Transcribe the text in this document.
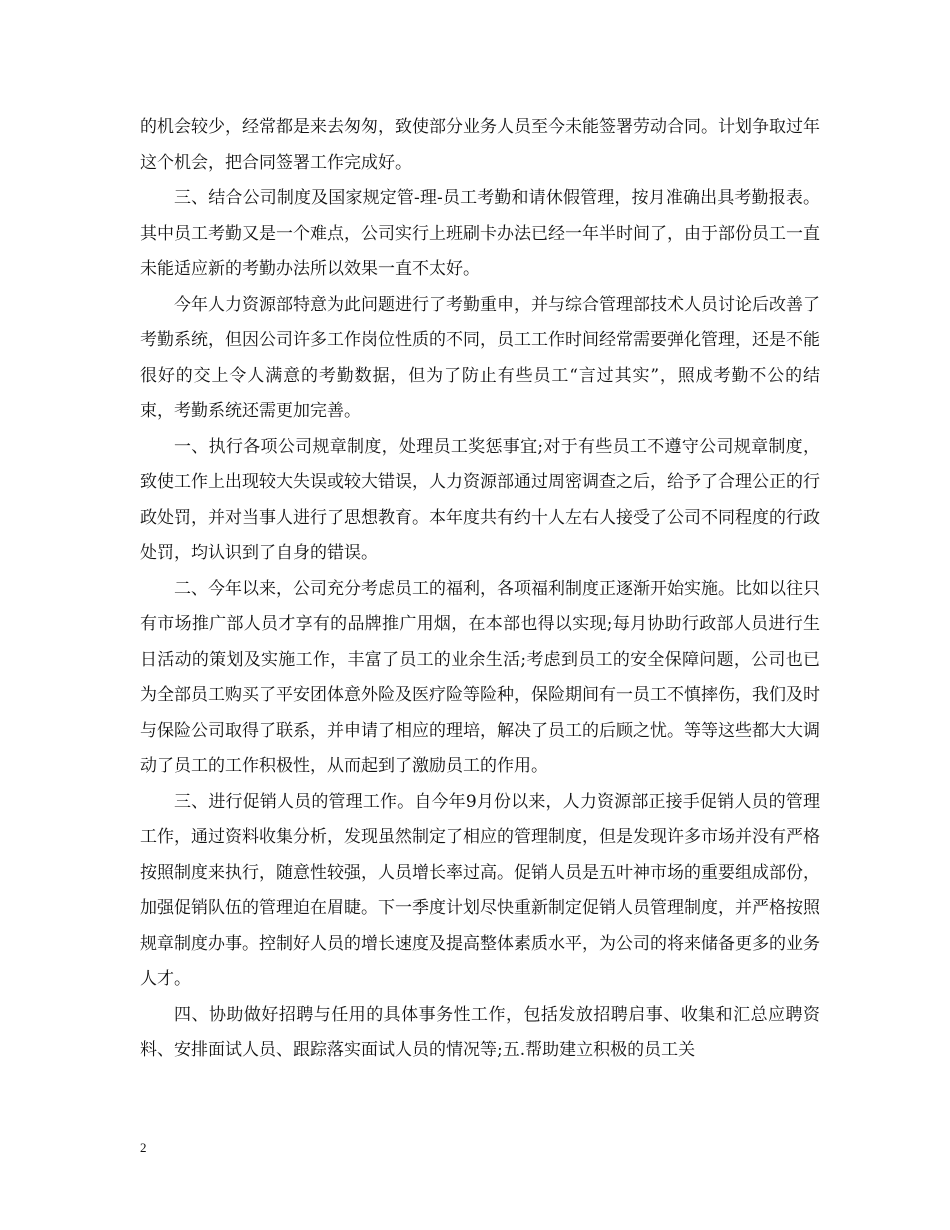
的机会较少，经常都是来去匆匆，致使部分业务人员至今未能签署劳动合同。计划争取过年这个机会，把合同签署工作完成好。

三、结合公司制度及国家规定管-理-员工考勤和请休假管理，按月准确出具考勤报表。其中员工考勤又是一个难点，公司实行上班刷卡办法已经一年半时间了，由于部份员工一直未能适应新的考勤办法所以效果一直不太好。

今年人力资源部特意为此问题进行了考勤重申，并与综合管理部技术人员讨论后改善了考勤系统，但因公司许多工作岗位性质的不同，员工工作时间经常需要弹化管理，还是不能很好的交上令人满意的考勤数据，但为了防止有些员工“言过其实”，照成考勤不公的结束，考勤系统还需更加完善。

一、执行各项公司规章制度，处理员工奖惩事宜;对于有些员工不遵守公司规章制度，致使工作上出现较大失误或较大错误，人力资源部通过周密调查之后，给予了合理公正的行政处罚，并对当事人进行了思想教育。本年度共有约十人左右人接受了公司不同程度的行政处罚，均认识到了自身的错误。

二、今年以来，公司充分考虑员工的福利，各项福利制度正逐渐开始实施。比如以往只有市场推广部人员才享有的品牌推广用烟，在本部也得以实现;每月协助行政部人员进行生日活动的策划及实施工作，丰富了员工的业余生活;考虑到员工的安全保障问题，公司也已为全部员工购买了平安团体意外险及医疗险等险种，保险期间有一员工不慎摔伤，我们及时与保险公司取得了联系，并申请了相应的理培，解决了员工的后顾之忧。等等这些都大大调动了员工的工作积极性，从而起到了激励员工的作用。

三、进行促销人员的管理工作。自今年9月份以来，人力资源部正接手促销人员的管理工作，通过资料收集分析，发现虽然制定了相应的管理制度，但是发现许多市场并没有严格按照制度来执行，随意性较强，人员增长率过高。促销人员是五叶神市场的重要组成部份，加强促销队伍的管理迫在眉睫。下一季度计划尽快重新制定促销人员管理制度，并严格按照规章制度办事。控制好人员的增长速度及提高整体素质水平，为公司的将来储备更多的业务人才。

四、协助做好招聘与任用的具体事务性工作，包括发放招聘启事、收集和汇总应聘资料、安排面试人员、跟踪落实面试人员的情况等;五.帮助建立积极的员工关

2
